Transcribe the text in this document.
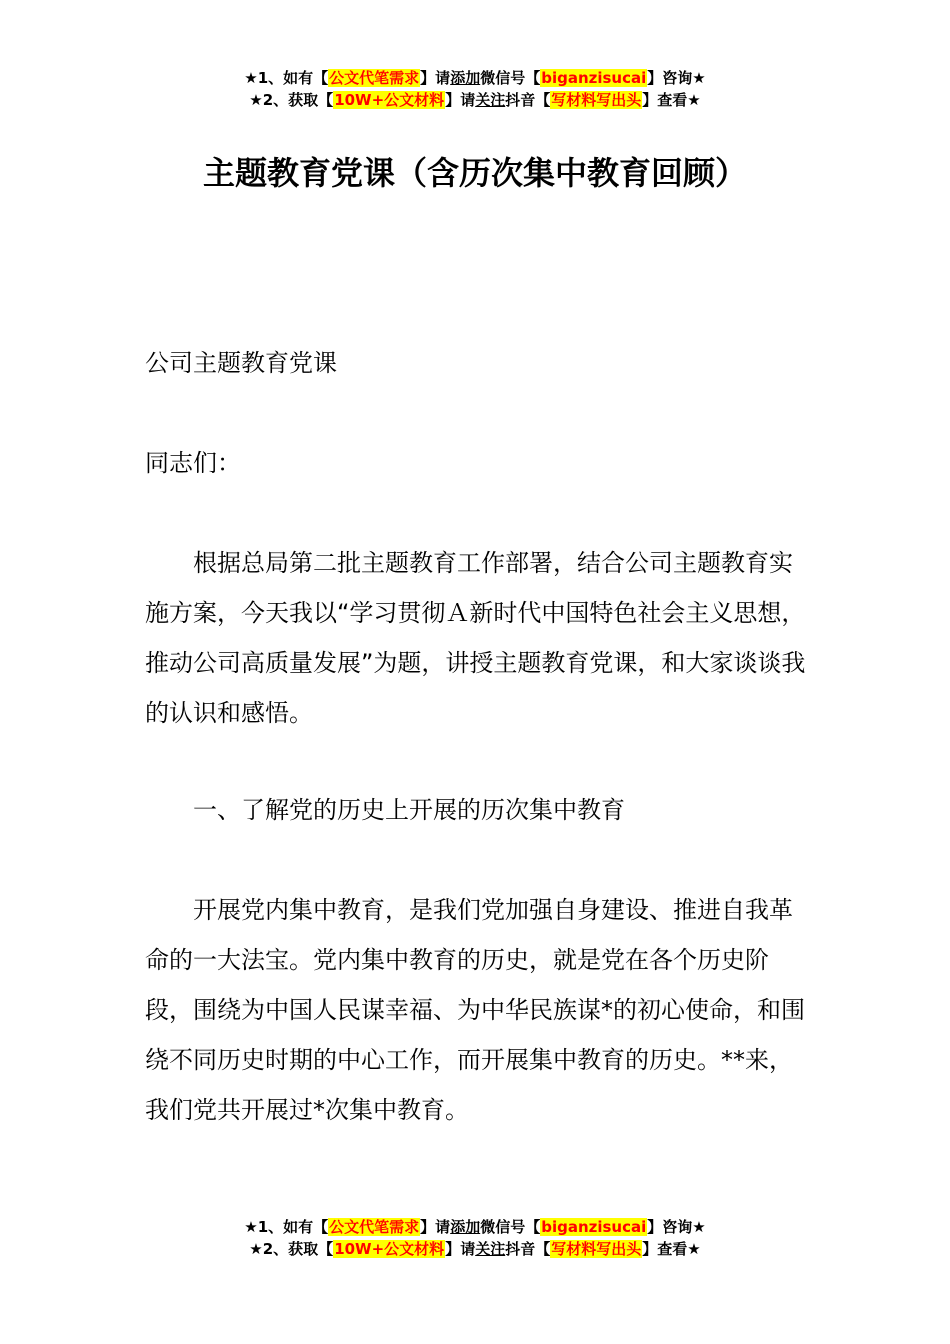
★1、如有【公文代笔需求】请添加微信号【biganzisucai】咨询★
★2、获取【10W+公文材料】请关注抖音【写材料写出头】查看★
主题教育党课（含历次集中教育回顾）
公司主题教育党课
同志们：
根据总局第二批主题教育工作部署，结合公司主题教育实施方案，今天我以“学习贯彻Ａ新时代中国特色社会主义思想，推动公司高质量发展”为题，讲授主题教育党课，和大家谈谈我的认识和感悟。
一、了解党的历史上开展的历次集中教育
开展党内集中教育，是我们党加强自身建设、推进自我革命的一大法宝。党内集中教育的历史，就是党在各个历史阶段，围绕为中国人民谋幸福、为中华民族谋*的初心使命，和围绕不同历史时期的中心工作，而开展集中教育的历史。**来，我们党共开展过*次集中教育。
★1、如有【公文代笔需求】请添加微信号【biganzisucai】咨询★
★2、获取【10W+公文材料】请关注抖音【写材料写出头】查看★
